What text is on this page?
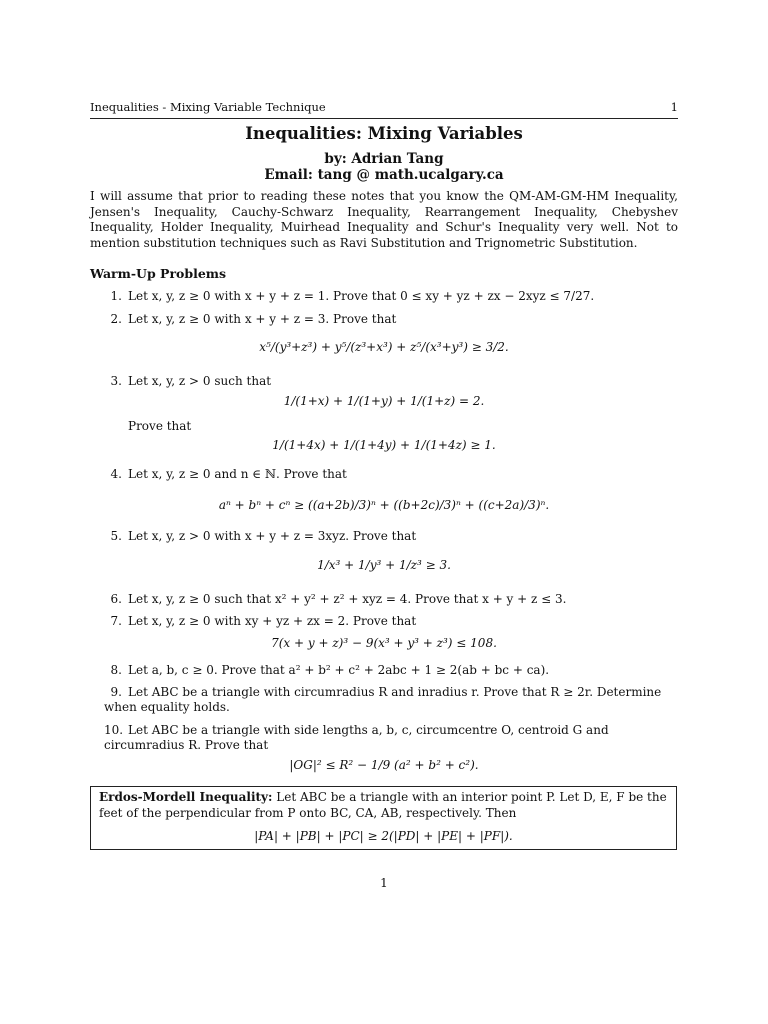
Inequalities - Mixing Variable Technique	1
Inequalities: Mixing Variables
by: Adrian Tang
Email: tang @ math.ucalgary.ca
I will assume that prior to reading these notes that you know the QM-AM-GM-HM Inequality, Jensen's Inequality, Cauchy-Schwarz Inequality, Rearrangement Inequality, Chebyshev Inequality, Holder Inequality, Muirhead Inequality and Schur's Inequality very well. Not to mention substitution techniques such as Ravi Substitution and Trignometric Substitution.
Warm-Up Problems
1. Let x, y, z ≥ 0 with x + y + z = 1. Prove that 0 ≤ xy + yz + zx − 2xyz ≤ 7/27.
2. Let x, y, z ≥ 0 with x + y + z = 3. Prove that
x⁵/(y³+z³) + y⁵/(z³+x³) + z⁵/(x³+y³) ≥ 3/2.
3. Let x, y, z > 0 such that
1/(1+x) + 1/(1+y) + 1/(1+z) = 2.
Prove that
1/(1+4x) + 1/(1+4y) + 1/(1+4z) ≥ 1.
4. Let x, y, z ≥ 0 and n ∈ ℕ. Prove that
aⁿ + bⁿ + cⁿ ≥ ((a+2b)/3)ⁿ + ((b+2c)/3)ⁿ + ((c+2a)/3)ⁿ.
5. Let x, y, z > 0 with x + y + z = 3xyz. Prove that
1/x³ + 1/y³ + 1/z³ ≥ 3.
6. Let x, y, z ≥ 0 such that x² + y² + z² + xyz = 4. Prove that x + y + z ≤ 3.
7. Let x, y, z ≥ 0 with xy + yz + zx = 2. Prove that
7(x + y + z)³ − 9(x³ + y³ + z³) ≤ 108.
8. Let a, b, c ≥ 0. Prove that a² + b² + c² + 2abc + 1 ≥ 2(ab + bc + ca).
9. Let ABC be a triangle with circumradius R and inradius r. Prove that R ≥ 2r. Determine when equality holds.
10. Let ABC be a triangle with side lengths a, b, c, circumcentre O, centroid G and circumradius R. Prove that
|OG|² ≤ R² − 1/9 (a² + b² + c²).
Erdos-Mordell Inequality: Let ABC be a triangle with an interior point P. Let D, E, F be the feet of the perpendicular from P onto BC, CA, AB, respectively. Then
|PA| + |PB| + |PC| ≥ 2(|PD| + |PE| + |PF|).
1
